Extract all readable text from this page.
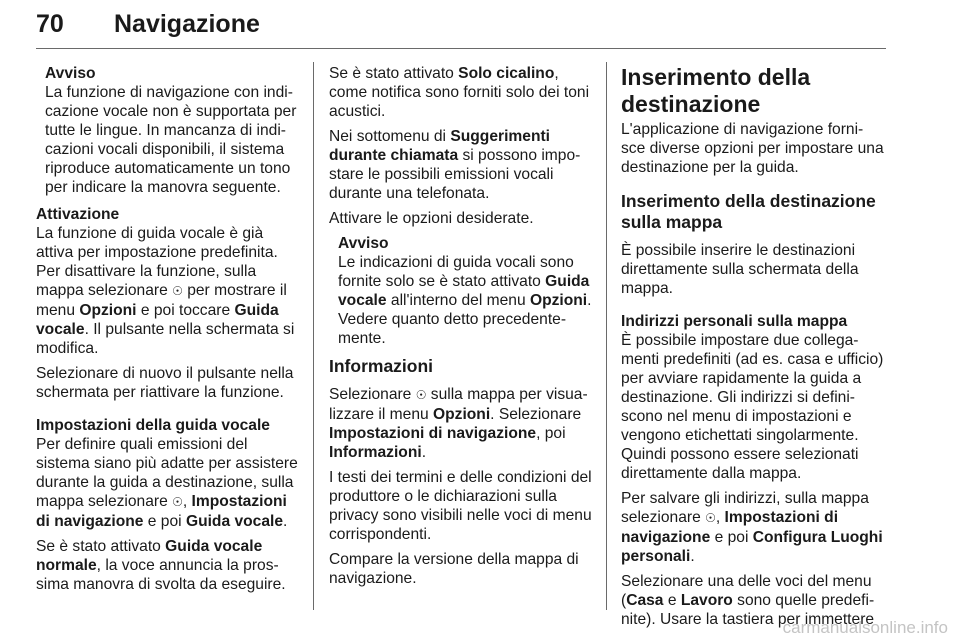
70 Navigazione

Avviso

La funzione di navigazione con indi-cazione vocale non è supportata per tutte le lingue. In mancanza di indi-cazioni vocali disponibili, il sistema riproduce automaticamente un tono per indicare la manovra seguente.

Attivazione

La funzione di guida vocale è già attiva per impostazione predefinita. Per disattivare la funzione, sulla mappa selezionare ☉ per mostrare il menu Opzioni e poi toccare Guida vocale. Il pulsante nella schermata si modifica.

Selezionare di nuovo il pulsante nella schermata per riattivare la funzione.

Impostazioni della guida vocale

Per definire quali emissioni del sistema siano più adatte per assistere durante la guida a destinazione, sulla mappa selezionare ☉, Impostazioni di navigazione e poi Guida vocale.

Se è stato attivato Guida vocale normale, la voce annuncia la pros-sima manovra di svolta da eseguire.

Se è stato attivato Solo cicalino, come notifica sono forniti solo dei toni acustici.

Nei sottomenu di Suggerimenti durante chiamata si possono impo-stare le possibili emissioni vocali durante una telefonata.

Attivare le opzioni desiderate.

Avviso

Le indicazioni di guida vocali sono fornite solo se è stato attivato Guida vocale all'interno del menu Opzioni. Vedere quanto detto precedente-mente.

Informazioni

Selezionare ☉ sulla mappa per visua-lizzare il menu Opzioni. Selezionare Impostazioni di navigazione, poi Informazioni.

I testi dei termini e delle condizioni del produttore o le dichiarazioni sulla privacy sono visibili nelle voci di menu corrispondenti.

Compare la versione della mappa di navigazione.

Inserimento della destinazione

L'applicazione di navigazione forni-sce diverse opzioni per impostare una destinazione per la guida.

Inserimento della destinazione sulla mappa

È possibile inserire le destinazioni direttamente sulla schermata della mappa.

Indirizzi personali sulla mappa

È possibile impostare due collega-menti predefiniti (ad es. casa e ufficio) per avviare rapidamente la guida a destinazione. Gli indirizzi si defini-scono nel menu di impostazioni e vengono etichettati singolarmente. Quindi possono essere selezionati direttamente dalla mappa.

Per salvare gli indirizzi, sulla mappa selezionare ☉, Impostazioni di navigazione e poi Configura Luoghi personali.

Selezionare una delle voci del menu (Casa e Lavoro sono quelle predefi-nite). Usare la tastiera per immettere

carmanualsonline.info
